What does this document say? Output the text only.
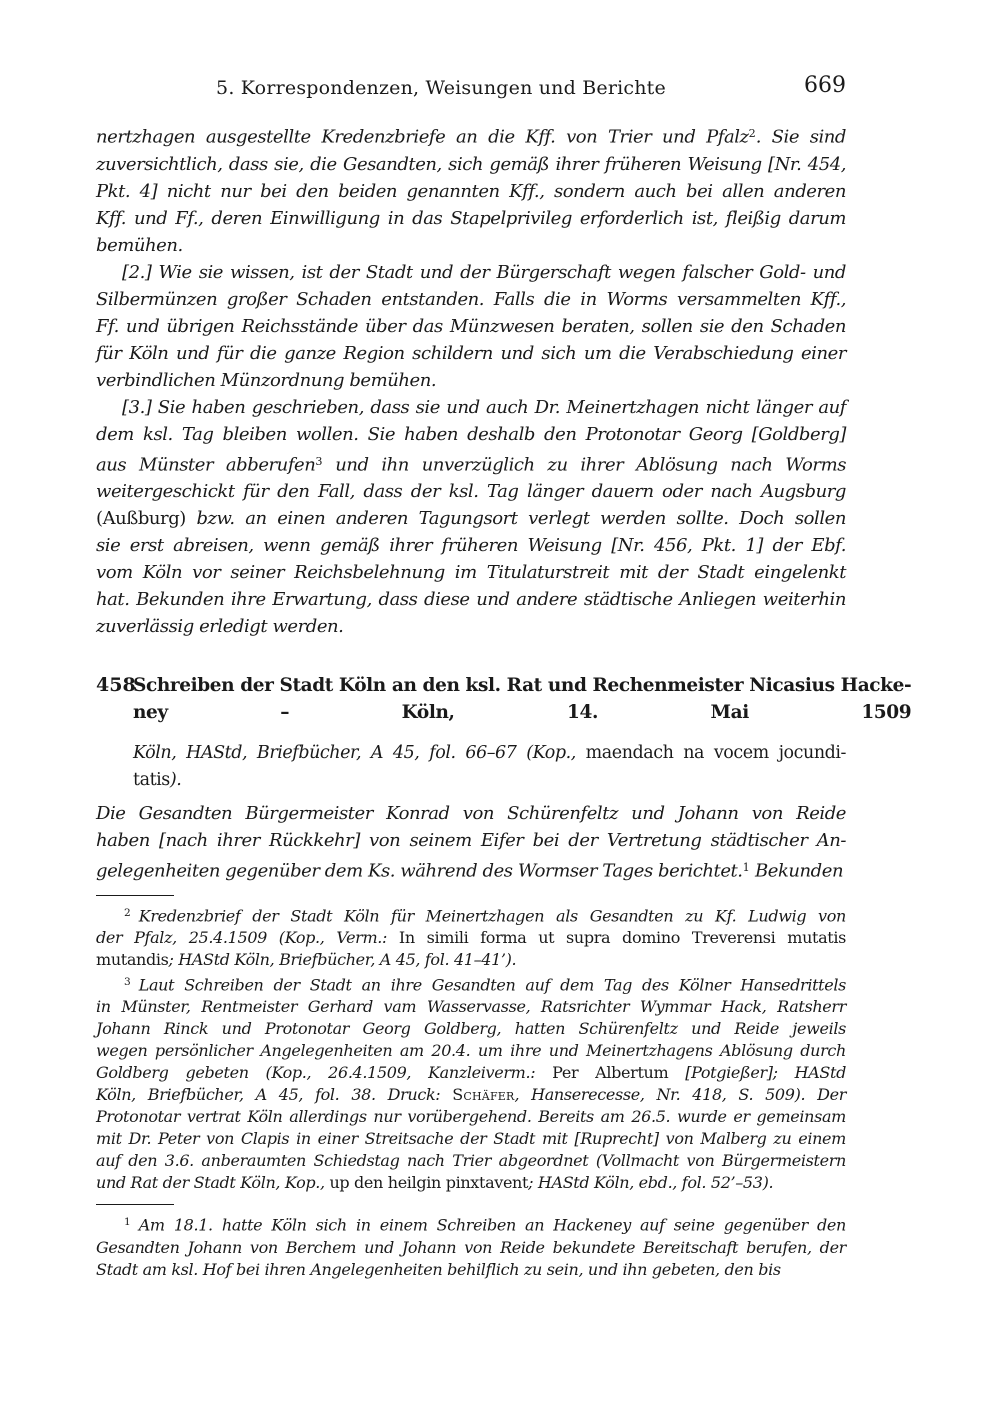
5. Korrespondenzen, Weisungen und Berichte	669
nertzhagen ausgestellte Kredenzbriefe an die Kff. von Trier und Pfalz$^2$. Sie sind
zuversichtlich, dass sie, die Gesandten, sich gemäß ihrer früheren Weisung [Nr. 454,
Pkt. 4] nicht nur bei den beiden genannten Kff., sondern auch bei allen anderen
Kff. und Ff., deren Einwilligung in das Stapelprivileg erforderlich ist, fleißig darum
bemühen.
[2.] Wie sie wissen, ist der Stadt und der Bürgerschaft wegen falscher Gold- und
Silbermünzen großer Schaden entstanden. Falls die in Worms versammelten Kff.,
Ff. und übrigen Reichsstände über das Münzwesen beraten, sollen sie den Schaden
für Köln und für die ganze Region schildern und sich um die Verabschiedung einer
verbindlichen Münzordnung bemühen.
[3.] Sie haben geschrieben, dass sie und auch Dr. Meinertzhagen nicht länger auf
dem ksl. Tag bleiben wollen. Sie haben deshalb den Protonotar Georg [Goldberg]
aus Münster abberufen$^3$ und ihn unverzüglich zu ihrer Ablösung nach Worms
weitergeschickt für den Fall, dass der ksl. Tag länger dauern oder nach Augsburg
(Außburg) bzw. an einen anderen Tagungsort verlegt werden sollte. Doch sollen
sie erst abreisen, wenn gemäß ihrer früheren Weisung [Nr. 456, Pkt. 1] der Ebf.
vom Köln vor seiner Reichsbelehnung im Titulaturstreit mit der Stadt eingelenkt
hat. Bekunden ihre Erwartung, dass diese und andere städtische Anliegen weiterhin
zuverlässig erledigt werden.
458
Schreiben der Stadt Köln an den ksl. Rat und Rechenmeister Nicasius Hacke-
ney – Köln, 14. Mai 1509
Köln, HAStd, Briefbücher, A 45, fol. 66–67 (Kop., maendach na vocem jocundi-
tatis).
Die Gesandten Bürgermeister Konrad von Schürenfeltz und Johann von Reide
haben [nach ihrer Rückkehr] von seinem Eifer bei der Vertretung städtischer An-
gelegenheiten gegenüber dem Ks. während des Wormser Tages berichtet.$^1$ Bekunden
$^2$ Kredenzbrief der Stadt Köln für Meinertzhagen als Gesandten zu Kf. Ludwig von
der Pfalz, 25.4.1509 (Kop., Verm.: In simili forma ut supra domino Treverensi mutatis
mutandis; HAStd Köln, Briefbücher, A 45, fol. 41–41’).
$^3$ Laut Schreiben der Stadt an ihre Gesandten auf dem Tag des Kölner Hansedrittels
in Münster, Rentmeister Gerhard vam Wasservasse, Ratsrichter Wymmar Hack, Ratsherr
Johann Rinck und Protonotar Georg Goldberg, hatten Schürenfeltz und Reide jeweils
wegen persönlicher Angelegenheiten am 20.4. um ihre und Meinertzhagens Ablösung durch
Goldberg gebeten (Kop., 26.4.1509, Kanzleiverm.: Per Albertum [Potgießer]; HAStd
Köln, Briefbücher, A 45, fol. 38. Druck: Schäfer, Hanserecesse, Nr. 418, S. 509). Der
Protonotar vertrat Köln allerdings nur vorübergehend. Bereits am 26.5. wurde er gemeinsam
mit Dr. Peter von Clapis in einer Streitsache der Stadt mit [Ruprecht] von Malberg zu einem
auf den 3.6. anberaumten Schiedstag nach Trier abgeordnet (Vollmacht von Bürgermeistern
und Rat der Stadt Köln, Kop., up den heilgin pinxtavent; HAStd Köln, ebd., fol. 52’–53).
$^1$ Am 18.1. hatte Köln sich in einem Schreiben an Hackeney auf seine gegenüber den
Gesandten Johann von Berchem und Johann von Reide bekundete Bereitschaft berufen, der
Stadt am ksl. Hof bei ihren Angelegenheiten behilflich zu sein, und ihn gebeten, den bis
